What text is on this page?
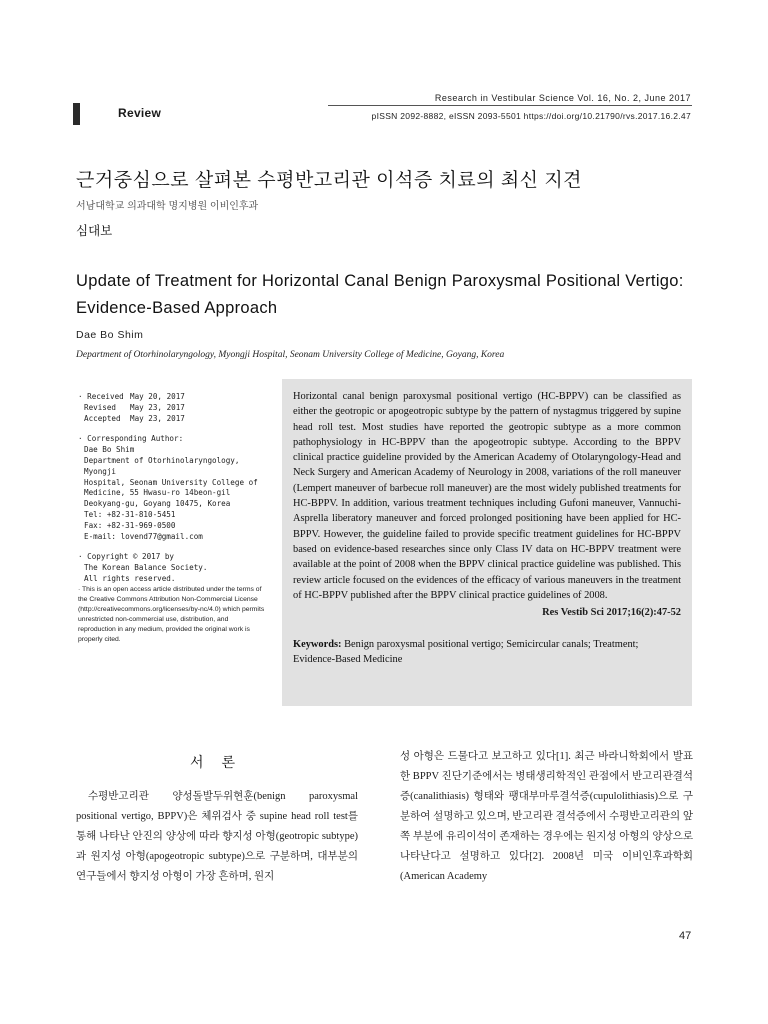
Review
Research in Vestibular Science Vol. 16, No. 2, June 2017
pISSN 2092-8882, eISSN 2093-5501 https://doi.org/10.21790/rvs.2017.16.2.47
근거중심으로 살펴본 수평반고리관 이석증 치료의 최신 지견
서남대학교 의과대학 명지병원 이비인후과
심대보
Update of Treatment for Horizontal Canal Benign Paroxysmal Positional Vertigo: Evidence-Based Approach
Dae Bo Shim
Department of Otorhinolaryngology, Myongji Hospital, Seonam University College of Medicine, Goyang, Korea
· Received May 20, 2017
Revised	May 23, 2017
Accepted	May 23, 2017
· Corresponding Author:
Dae Bo Shim
Department of Otorhinolaryngology, Myongji
Hospital, Seonam University College of
Medicine, 55 Hwasu-ro 14beon-gil
Deokyang-gu, Goyang 10475, Korea
Tel: +82-31-810-5451
Fax: +82-31-969-0500
E-mail: lovend77@gmail.com
· Copyright © 2017 by
The Korean Balance Society.
All rights reserved.
· This is an open access article distributed under the terms of the Creative Commons Attribution Non-Commercial License (http://creativecommons.org/licenses/by-nc/4.0) which permits unrestricted non-commercial use, distribution, and reproduction in any medium, provided the original work is properly cited.
Horizontal canal benign paroxysmal positional vertigo (HC-BPPV) can be classified as either the geotropic or apogeotropic subtype by the pattern of nystagmus triggered by supine head roll test. Most studies have reported the geotropic subtype as a more common pathophysiology in HC-BPPV than the apogeotropic subtype. According to the BPPV clinical practice guideline provided by the American Academy of Otolaryngology-Head and Neck Surgery and American Academy of Neurology in 2008, variations of the roll maneuver (Lempert maneuver of barbecue roll maneuver) are the most widely published treatments for HC-BPPV. In addition, various treatment techniques including Gufoni maneuver, Vannuchi-Asprella liberatory maneuver and forced prolonged positioning have been applied for HC-BPPV. However, the guideline failed to provide specific treatment guidelines for HC-BPPV based on evidence-based researches since only Class IV data on HC-BPPV treatment were available at the point of 2008 when the BPPV clinical practice guideline was published. This review article focused on the evidences of the efficacy of various maneuvers in the treatment of HC-BPPV published after the BPPV clinical practice guidelines of 2008.
Res Vestib Sci 2017;16(2):47-52
Keywords: Benign paroxysmal positional vertigo; Semicircular canals; Treatment; Evidence-Based Medicine
서론
수평반고리관 양성돌발두위현훈(benign paroxysmal positional vertigo, BPPV)은 체위검사 중 supine head roll test를 통해 나타난 안진의 양상에 따라 향지성 아형(geotropic subtype)과 원지성 아형(apogeotropic subtype)으로 구분하며, 대부분의 연구들에서 향지성 아형이 가장 흔하며, 원지
성 아형은 드물다고 보고하고 있다[1]. 최근 바라니학회에서 발표한 BPPV 진단기준에서는 병태생리학적인 관점에서 반고리관결석증(canalithiasis) 형태와 팽대부마루결석증(cupulolithiasis)으로 구분하여 설명하고 있으며, 반고리관 결석증에서 수평반고리관의 앞쪽 부분에 유리이석이 존재하는 경우에는 원지성 아형의 양상으로 나타난다고 설명하고 있다[2]. 2008년 미국 이비인후과학회(American Academy
47
